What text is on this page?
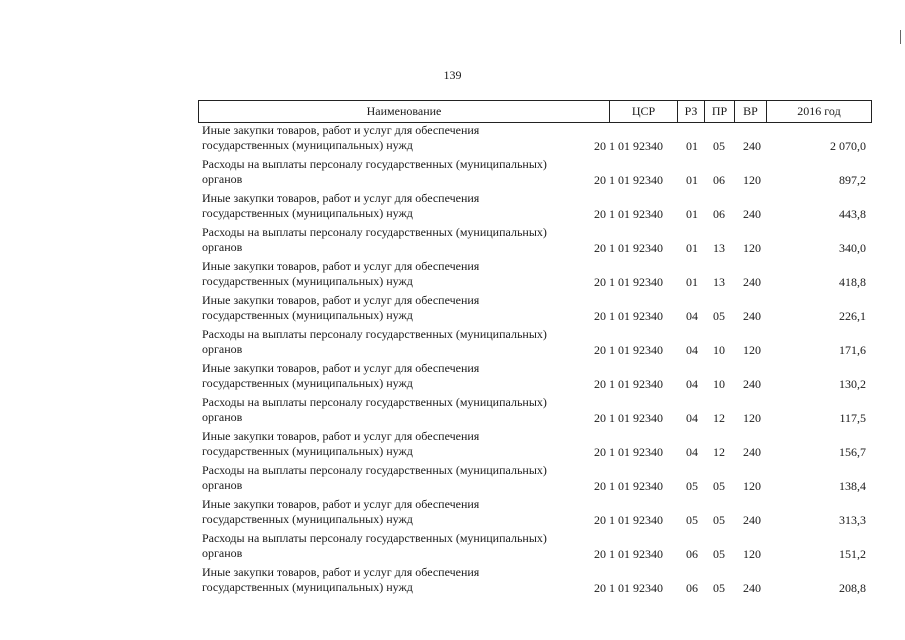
139
Наименование	ЦСР	РЗ	ПР	ВР	2016 год
Иные закупки товаров, работ и услуг для обеспечения
государственных (муниципальных) нужд	20 1 01 92340	01	05	240	2 070,0
Расходы на выплаты персоналу государственных (муниципальных)
органов	20 1 01 92340	01	06	120	897,2
Иные закупки товаров, работ и услуг для обеспечения
государственных (муниципальных) нужд	20 1 01 92340	01	06	240	443,8
Расходы на выплаты персоналу государственных (муниципальных)
органов	20 1 01 92340	01	13	120	340,0
Иные закупки товаров, работ и услуг для обеспечения
государственных (муниципальных) нужд	20 1 01 92340	01	13	240	418,8
Иные закупки товаров, работ и услуг для обеспечения
государственных (муниципальных) нужд	20 1 01 92340	04	05	240	226,1
Расходы на выплаты персоналу государственных (муниципальных)
органов	20 1 01 92340	04	10	120	171,6
Иные закупки товаров, работ и услуг для обеспечения
государственных (муниципальных) нужд	20 1 01 92340	04	10	240	130,2
Расходы на выплаты персоналу государственных (муниципальных)
органов	20 1 01 92340	04	12	120	117,5
Иные закупки товаров, работ и услуг для обеспечения
государственных (муниципальных) нужд	20 1 01 92340	04	12	240	156,7
Расходы на выплаты персоналу государственных (муниципальных)
органов	20 1 01 92340	05	05	120	138,4
Иные закупки товаров, работ и услуг для обеспечения
государственных (муниципальных) нужд	20 1 01 92340	05	05	240	313,3
Расходы на выплаты персоналу государственных (муниципальных)
органов	20 1 01 92340	06	05	120	151,2
Иные закупки товаров, работ и услуг для обеспечения
государственных (муниципальных) нужд	20 1 01 92340	06	05	240	208,8
